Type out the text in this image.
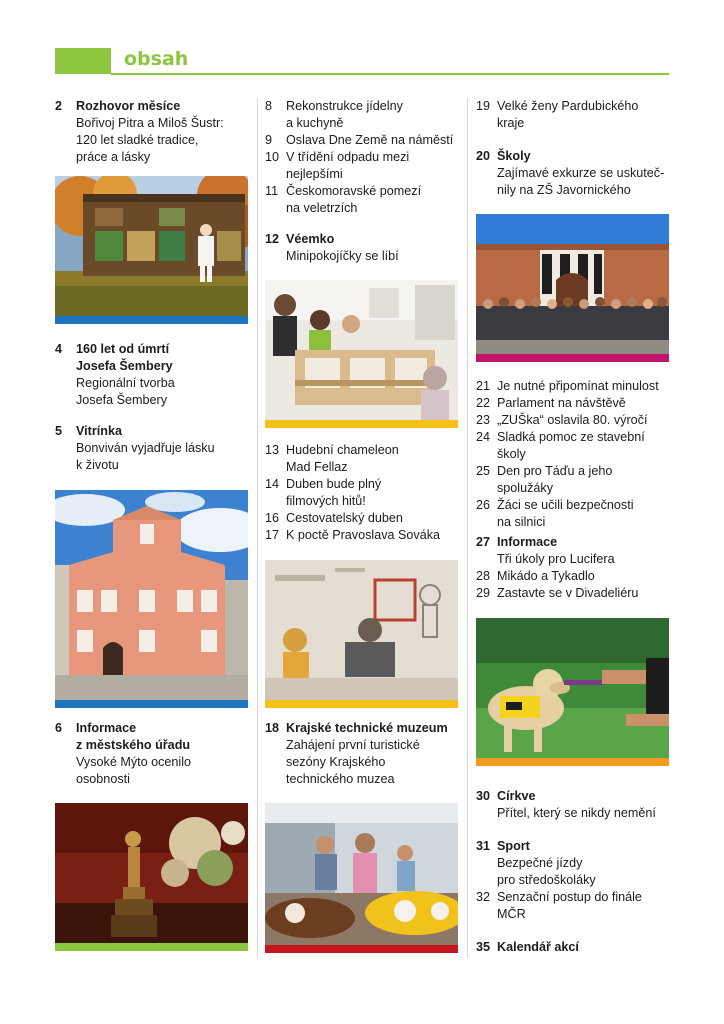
obsah
2	Rozhovor měsíce
Bořivoj Pitra a Miloš Šustr:
120 let sladké tradice,
práce a lásky
4	160 let od úmrtí
Josefa Šembery
Regionální tvorba
Josefa Šembery
5	Vitrínka
Bonviván vyjadřuje lásku
k životu
6	Informace
z městského úřadu
Vysoké Mýto ocenilo
osobnosti
8	Rekonstrukce jídelny
a kuchyně
9	Oslava Dne Země na náměstí
10 V třídění odpadu mezi
nejlepšími
11 Českomoravské pomezí
na veletrzích
12 Véemko
Minipokojíčky se líbí
13 Hudební chameleon
Mad Fellaz
14 Duben bude plný
filmových hitů!
16 Cestovatelský duben
17 K poctě Pravoslava Sováka
18 Krajské technické muzeum
Zahájení první turistické
sezóny Krajského
technického muzea
19 Velké ženy Pardubického
kraje
20 Školy
Zajímavé exkurze se uskuteč-
nily na ZŠ Javornického
21 Je nutné připomínat minulost
22 Parlament na návštěvě
23 „ZUŠka“ oslavila 80. výročí
24 Sladká pomoc ze stavební
školy
25 Den pro Táďu a jeho spolužáky
26 Žáci se učili bezpečnosti
na silnici
27 Informace
Tři úkoly pro Lucifera
28 Mikádo a Tykadlo
29 Zastavte se v Divadeliéru
30 Církve
Přítel, který se nikdy nemění
31 Sport
Bezpečné jízdy
pro středoškoláky
32 Senzační postup do finále
MČR
35 Kalendář akcí
